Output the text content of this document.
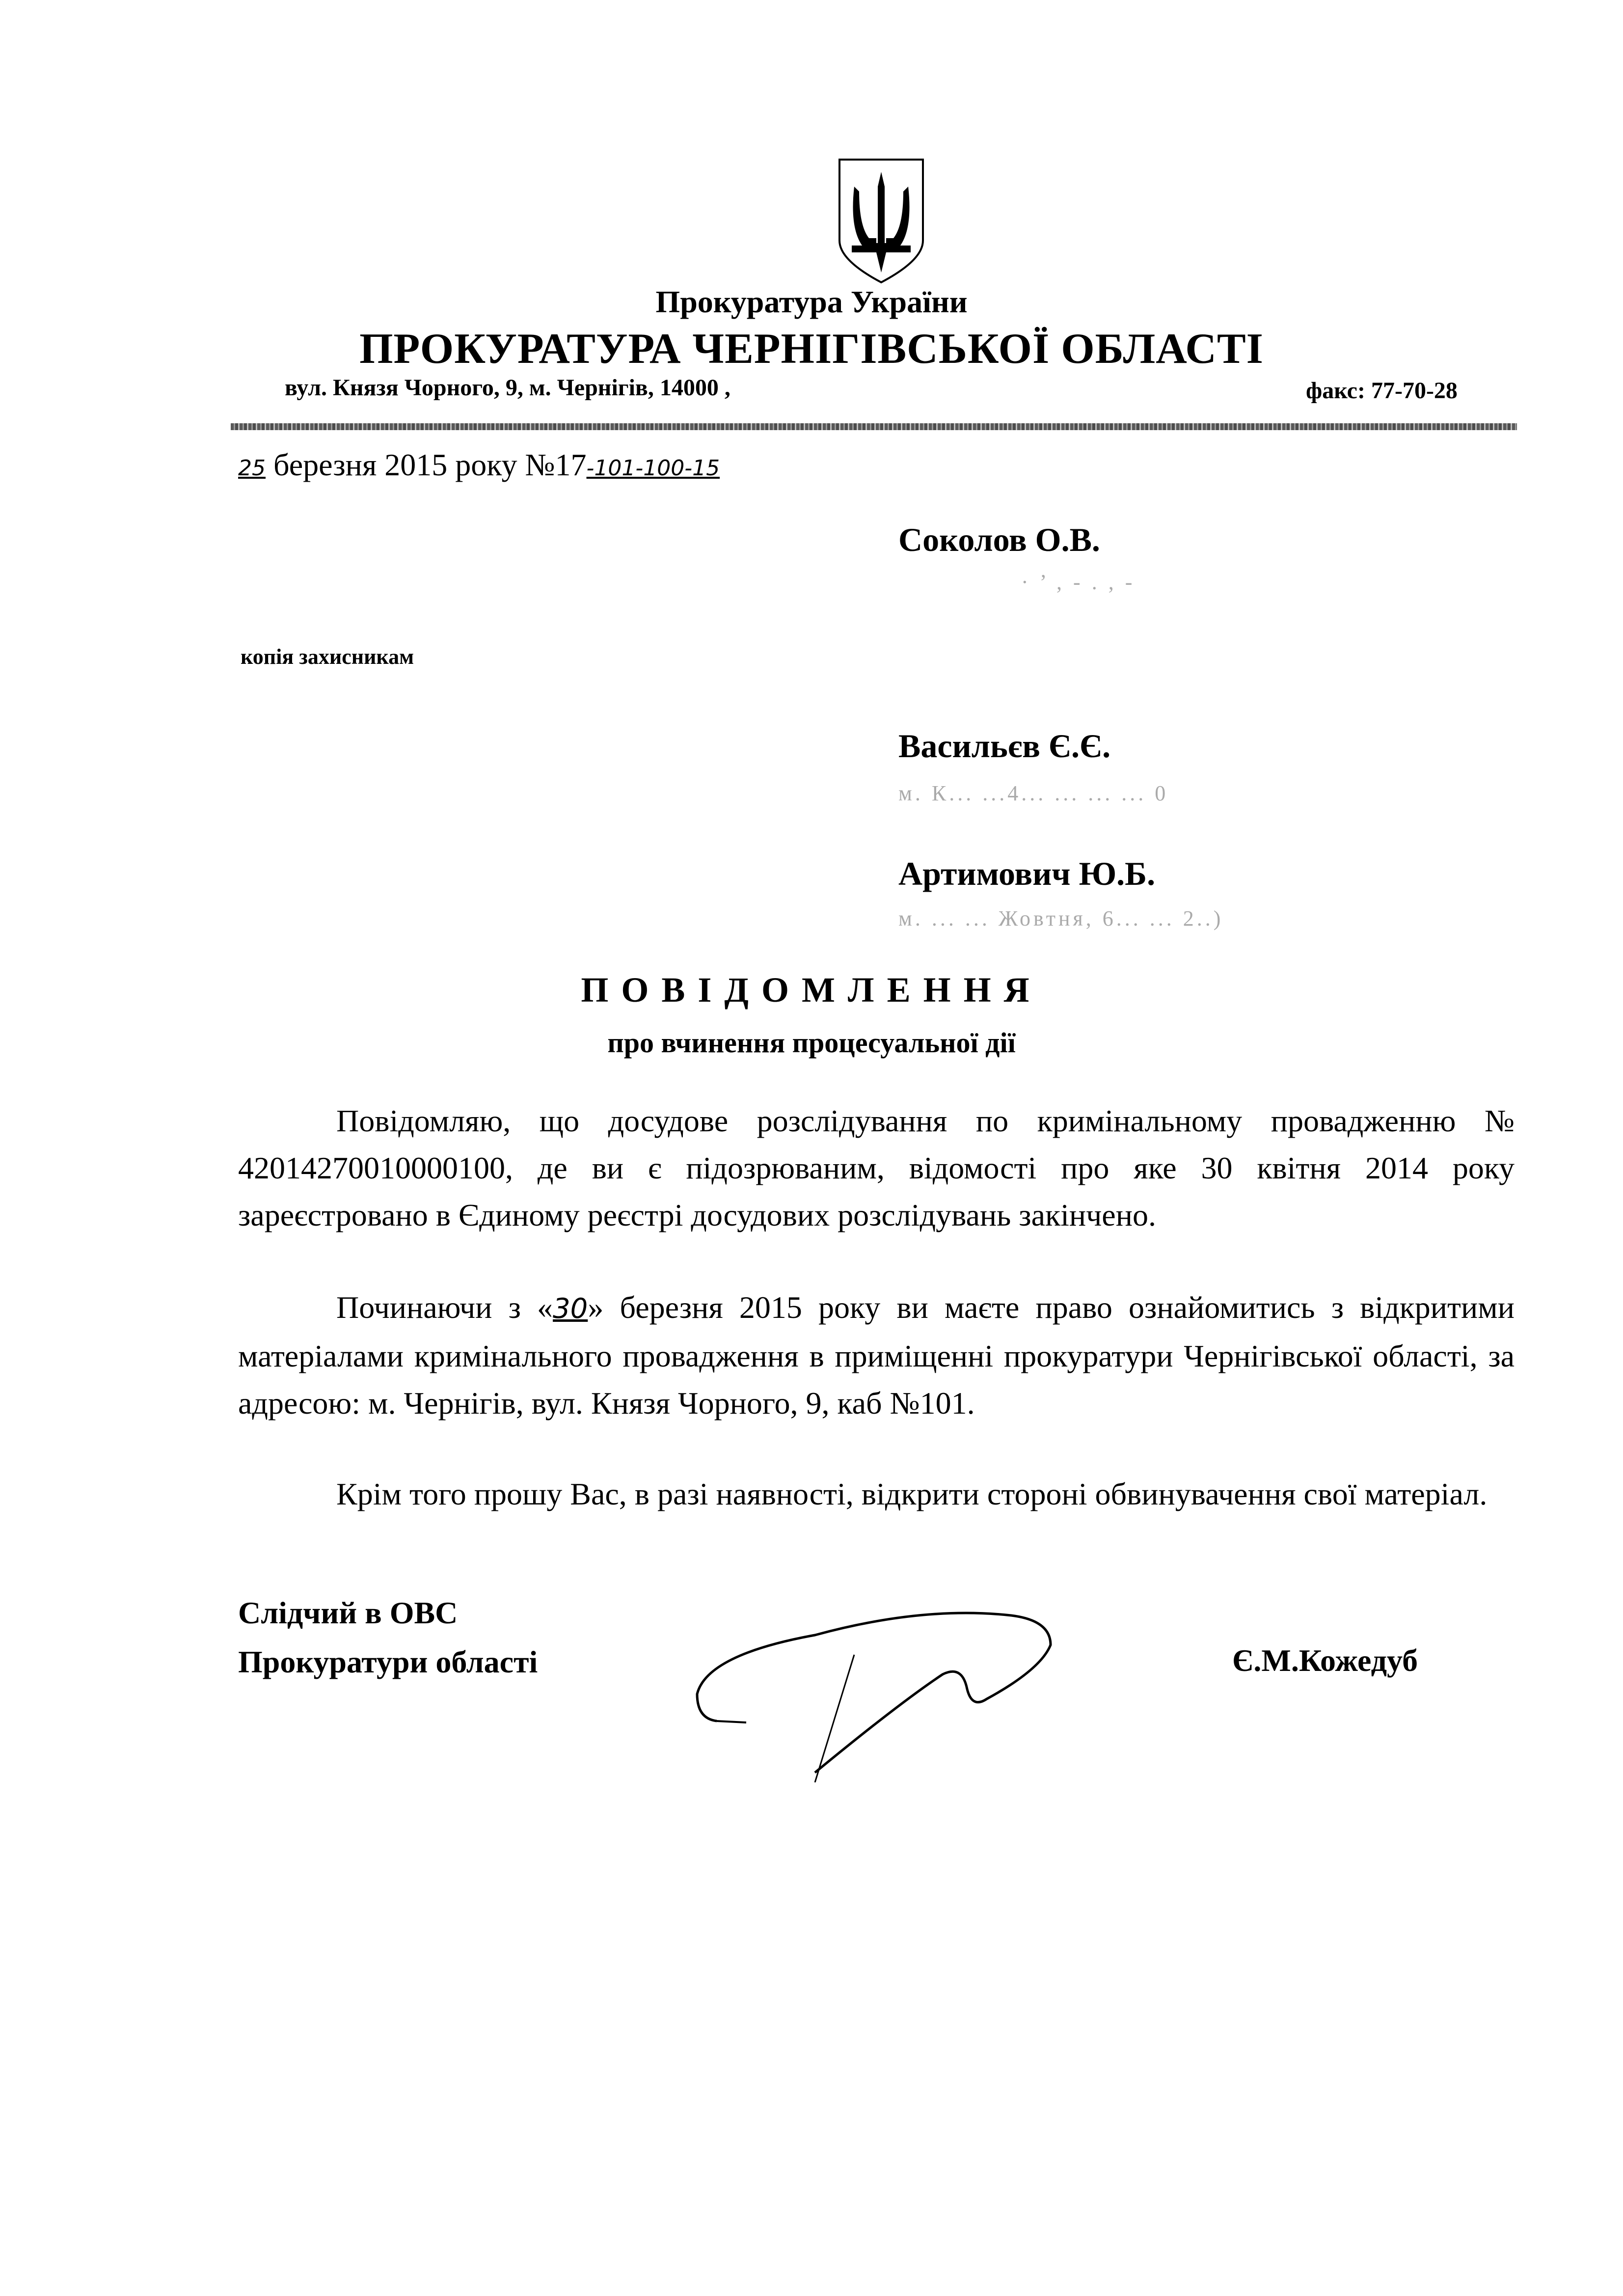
Прокуратура України
ПРОКУРАТУРА ЧЕРНІГІВСЬКОЇ ОБЛАСТІ
вул. Князя Чорного, 9, м. Чернігів, 14000 ,	факс: 77-70-28
25 березня 2015 року №17-101-100-15
Соколов О.В.
· ’ , - . , -
копія захисникам
Васильєв Є.Є.
м. К... ...4... ... ... ... 0
Артимович Ю.Б.
м. ... ... Жовтня, 6... ... 2..)
ПОВІДОМЛЕННЯ
про вчинення процесуальної дії
Повідомляю, що досудове розслідування по кримінальному провадженню № 42014270010000100, де ви є підозрюваним, відомості про яке 30 квітня 2014 року зареєстровано в Єдиному реєстрі досудових розслідувань закінчено.
Починаючи з «30» березня 2015 року ви маєте право ознайомитись з відкритими матеріалами кримінального провадження в приміщенні прокуратури Чернігівської області, за адресою: м. Чернігів, вул. Князя Чорного, 9, каб №101.
Крім того прошу Вас, в разі наявності, відкрити стороні обвинувачення свої матеріал.
Слідчий в ОВС
Прокуратури області	Є.М.Кожедуб
